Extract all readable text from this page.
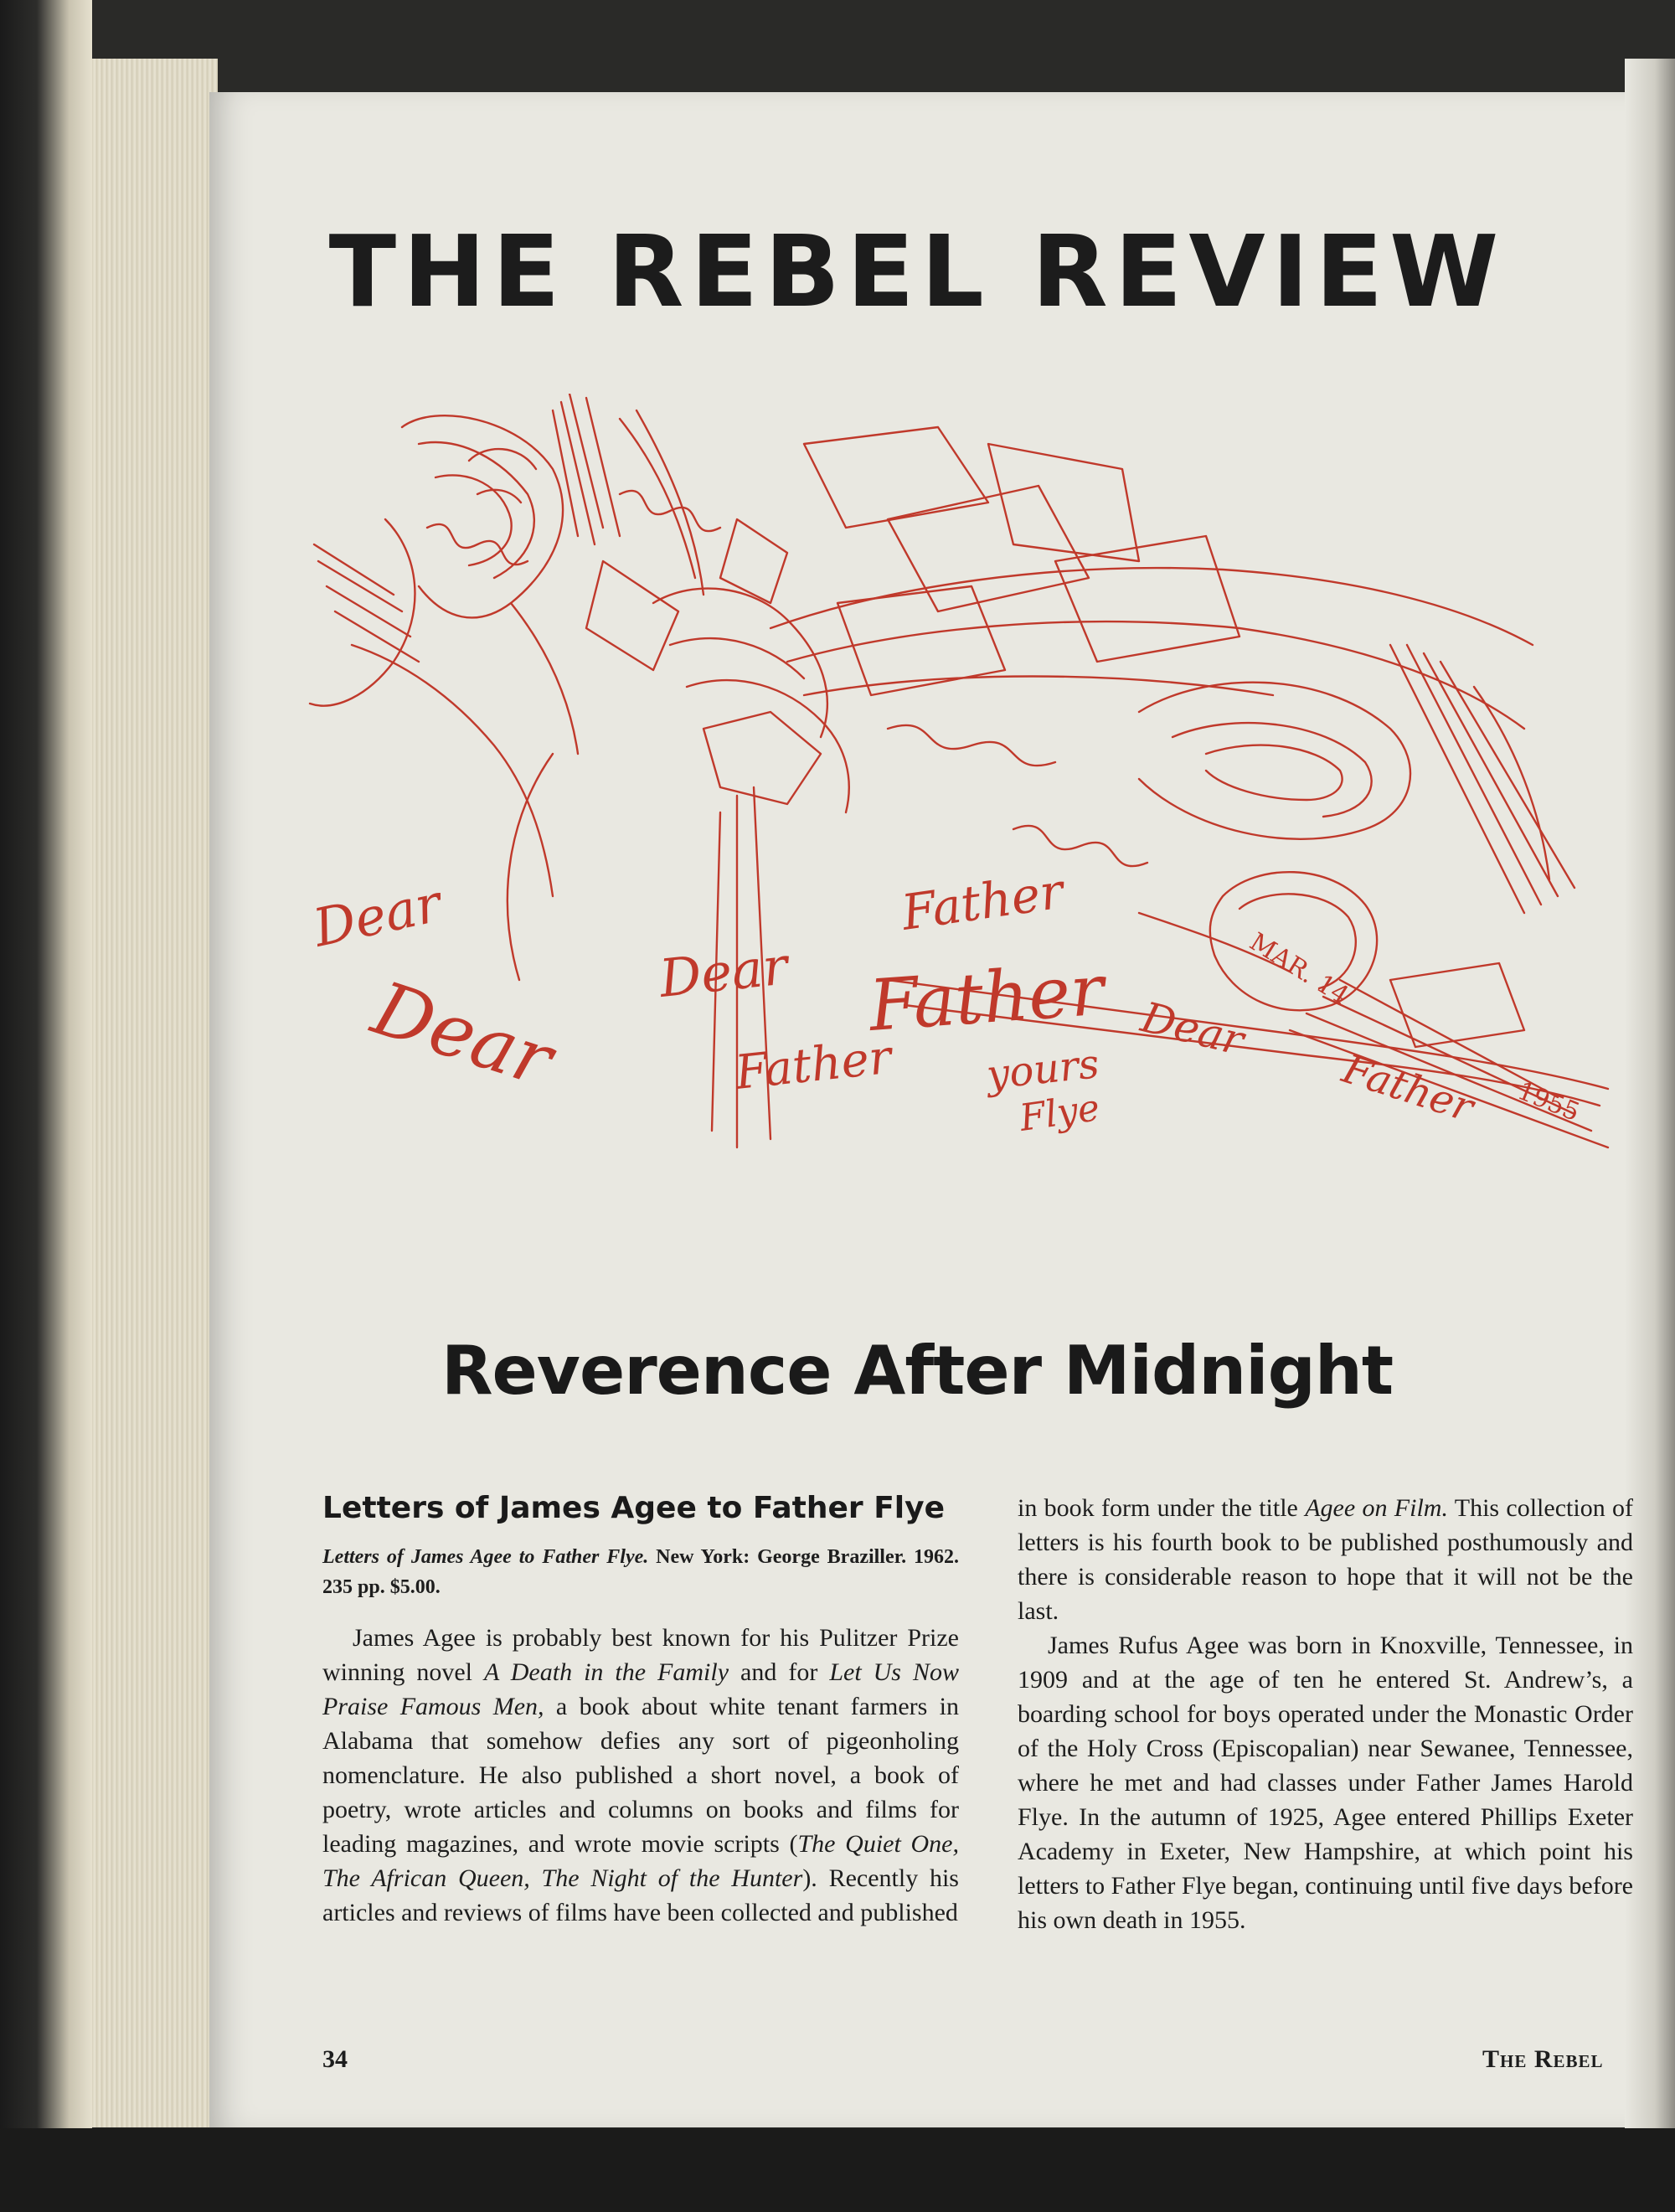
THE REBEL REVIEW
Dear
Dear
Father
Dear Father
Father yours
Flye
Dear
Father
MAR. 14
1955
Reverence After Midnight
Letters of James Agee to Father Flye

Letters of James Agee to Father Flye. New York: George Braziller. 1962. 235 pp. $5.00.

James Agee is probably best known for his Pulitzer Prize winning novel A Death in the Family and for Let Us Now Praise Famous Men, a book about white tenant farmers in Alabama that somehow defies any sort of pigeonholing nomenclature. He also published a short novel, a book of poetry, wrote articles and columns on books and films for leading magazines, and wrote movie scripts (The Quiet One, The African Queen, The Night of the Hunter). Recently his articles and reviews of films have been collected and published

in book form under the title Agee on Film. This collection of letters is his fourth book to be published posthumously and there is considerable reason to hope that it will not be the last.

James Rufus Agee was born in Knoxville, Tennessee, in 1909 and at the age of ten he entered St. Andrew’s, a boarding school for boys operated under the Monastic Order of the Holy Cross (Episcopalian) near Sewanee, Tennessee, where he met and had classes under Father James Harold Flye. In the autumn of 1925, Agee entered Phillips Exeter Academy in Exeter, New Hampshire, at which point his letters to Father Flye began, continuing until five days before his own death in 1955.

34	The Rebel
